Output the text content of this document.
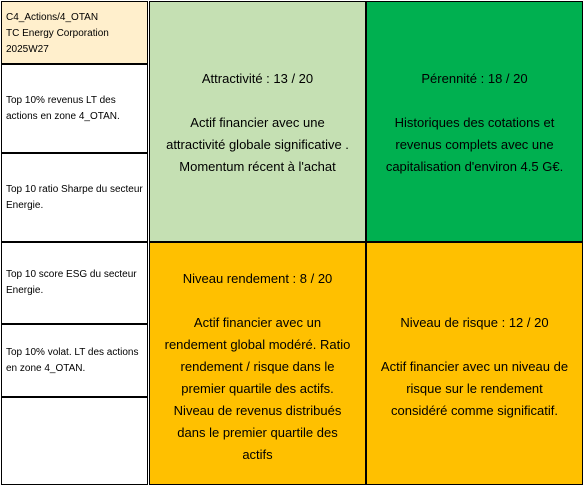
C4_Actions/4_OTAN
TC Energy Corporation
2025W27
Top 10% revenus LT des actions en zone 4_OTAN.
Top 10 ratio Sharpe du secteur Energie.
Top 10 score ESG du secteur Energie.
Top 10% volat. LT des actions en zone 4_OTAN.
Attractivité : 13 / 20
Actif financier avec une
attractivité globale significative .
Momentum récent à l'achat
Pérennité : 18 / 20
Historiques des cotations et
revenus complets avec une
capitalisation d'environ 4.5 G€.
Niveau rendement : 8 / 20
Actif financier avec un
rendement global modéré. Ratio
rendement / risque dans le
premier quartile des actifs.
Niveau de revenus distribués
dans le premier quartile des
actifs
Niveau de risque : 12 / 20
Actif financier avec un niveau de
risque sur le rendement
considéré comme significatif.
